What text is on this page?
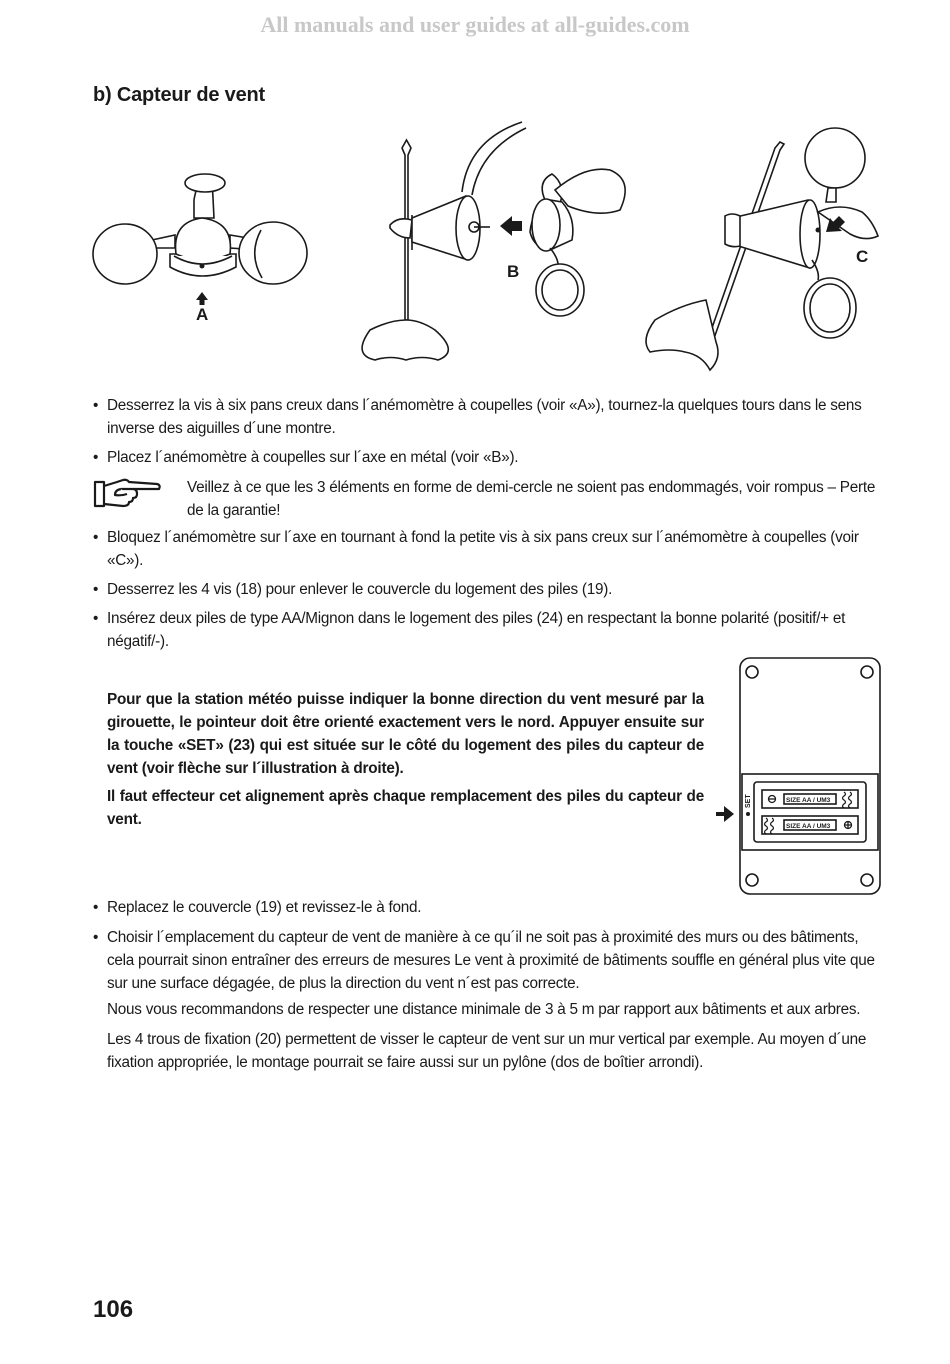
All manuals and user guides at all-guides.com
b) Capteur de vent
A
B
C
• Desserrez la vis à six pans creux dans l´anémomètre à coupelles (voir «A»), tournez-la quelques tours dans le sens inverse des aiguilles d´une montre.
• Placez l´anémomètre à coupelles sur l´axe en métal (voir «B»).
Veillez à ce que les 3 éléments en forme de demi-cercle ne soient pas endommagés, voir rompus – Perte de la garantie!
• Bloquez l´anémomètre sur l´axe en tournant à fond la petite vis à six pans creux sur l´anémomètre à coupelles (voir «C»).
• Desserrez les 4 vis (18) pour enlever le couvercle du logement des piles (19).
• Insérez deux piles de type AA/Mignon dans le logement des piles (24) en respectant la bonne polarité (positif/+ et négatif/-).
Pour que la station météo puisse indiquer la bonne direction du vent mesuré par la girouette, le pointeur doit être orienté exactement vers le nord. Appuyer ensuite sur la touche «SET» (23) qui est située sur le côté du logement des piles du capteur de vent (voir flèche sur l´illustration à droite).
Il faut effecteur cet alignement après chaque remplacement des piles du capteur de vent.
SET	SIZE AA / UM3
SIZE AA / UM3
• Replacez le couvercle (19) et revissez-le à fond.
• Choisir l´emplacement du capteur de vent de manière à ce qu´il ne soit pas à proximité des murs ou des bâtiments, cela pourrait sinon entraîner des erreurs de mesures Le vent à proximité de bâtiments souffle en général plus vite que sur une surface dégagée, de plus la direction du vent n´est pas correcte.
Nous vous recommandons de respecter une distance minimale de 3 à 5 m par rapport aux bâtiments et aux arbres.
Les 4 trous de fixation (20) permettent de visser le capteur de vent sur un mur vertical par exemple. Au moyen d´une fixation appropriée, le montage pourrait se faire aussi sur un pylône (dos de boîtier arrondi).
106
